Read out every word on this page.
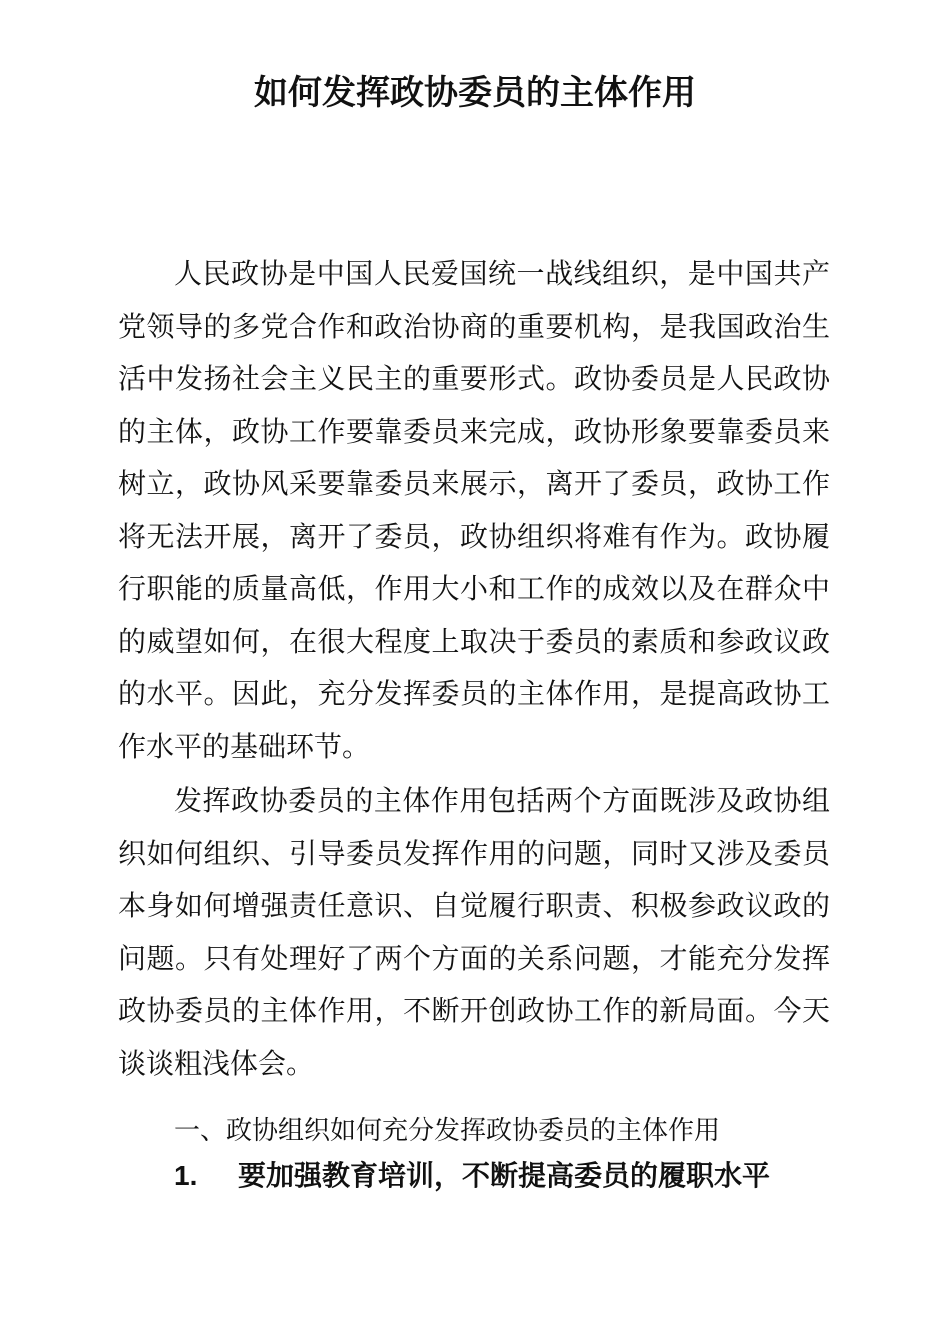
如何发挥政协委员的主体作用

人民政协是中国人民爱国统一战线组织，是中国共产党领导的多党合作和政治协商的重要机构，是我国政治生活中发扬社会主义民主的重要形式。政协委员是人民政协的主体，政协工作要靠委员来完成，政协形象要靠委员来树立，政协风采要靠委员来展示，离开了委员，政协工作将无法开展，离开了委员，政协组织将难有作为。政协履行职能的质量高低，作用大小和工作的成效以及在群众中的威望如何，在很大程度上取决于委员的素质和参政议政的水平。因此，充分发挥委员的主体作用，是提高政协工作水平的基础环节。

发挥政协委员的主体作用包括两个方面既涉及政协组织如何组织、引导委员发挥作用的问题，同时又涉及委员本身如何增强责任意识、自觉履行职责、积极参政议政的问题。只有处理好了两个方面的关系问题，才能充分发挥政协委员的主体作用，不断开创政协工作的新局面。今天谈谈粗浅体会。

一、政协组织如何充分发挥政协委员的主体作用

1. 要加强教育培训，不断提高委员的履职水平
